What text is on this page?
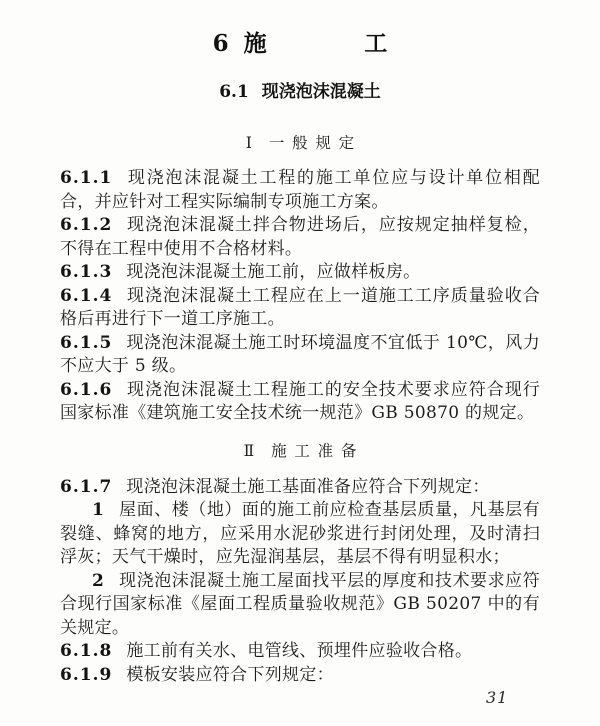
6 施　　工
6.1 现浇泡沫混凝土
Ⅰ 一般规定

6.1.1 现浇泡沫混凝土工程的施工单位应与设计单位相配合，并应针对工程实际编制专项施工方案。

6.1.2 现浇泡沫混凝土拌合物进场后，应按规定抽样复检，不得在工程中使用不合格材料。

6.1.3 现浇泡沫混凝土施工前，应做样板房。

6.1.4 现浇泡沫混凝土工程应在上一道施工工序质量验收合格后再进行下一道工序施工。

6.1.5 现浇泡沫混凝土施工时环境温度不宜低于 10℃，风力不应大于 5 级。

6.1.6 现浇泡沫混凝土工程施工的安全技术要求应符合现行国家标准《建筑施工安全技术统一规范》GB 50870 的规定。

Ⅱ 施工准备

6.1.7 现浇泡沫混凝土施工基面准备应符合下列规定：

1 屋面、楼（地）面的施工前应检查基层质量，凡基层有裂缝、蜂窝的地方，应采用水泥砂浆进行封闭处理，及时清扫浮灰；天气干燥时，应先湿润基层，基层不得有明显积水；

2 现浇泡沫混凝土施工屋面找平层的厚度和技术要求应符合现行国家标准《屋面工程质量验收规范》GB 50207 中的有关规定。

6.1.8 施工前有关水、电管线、预埋件应验收合格。

6.1.9 模板安装应符合下列规定：

31
